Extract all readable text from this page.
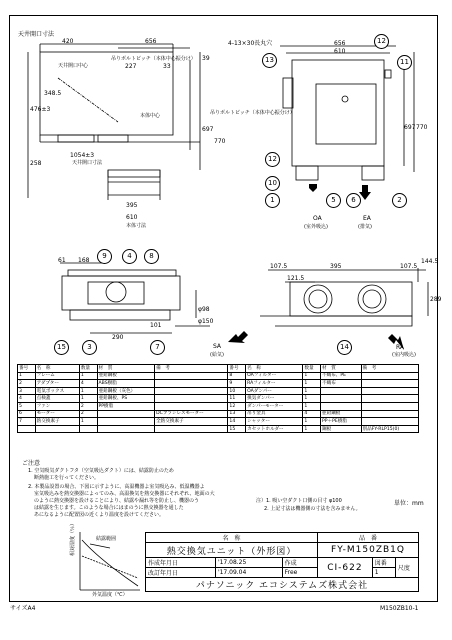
12
13	11
12
10
1	5	6	2
9	4	8
15	3	7	14
天井開口寸法
420	656
吊りボルトピッチ（本体中心振分け）
227	33
天井開口中心
本体中心
348.5
476±3
258
697
1054±3
天井開口寸法
395
610
本体寸法
39
吊りボルトピッチ（本体中心振分け）
770
4-13×30長丸穴	656
610
697 770
OA
(室外吸込)
EA
(排気)
61 168
101
290
107.5	395	107.5
121.5
144.5
289
φ150
φ98
SA
(給気)
RA
(室内吸込)
番号	名　称	数量	材　質	備　考	番号	名　称	数量	材　質	備　考
1	フレーム	1	亜鉛鋼板		8	OAフィルター	1	不織布、PE	
2	アダプター	4	ABS樹脂		9	RAフィルター	1	不織布	
3	電気ボックス	1	亜鉛鋼板（灰色）		10	OAダンパー	1		
4	点検蓋	1	亜鉛鋼板、PS		11	換気ダンパー	1		
5	ファン	2	PP樹脂		12	ダンパーモーター	1		
6	モーター	2		DCブラシレスモーター	13	吊り金具	4	亜鉛鋼板	
7	熱交換素子	1		全熱交換素子	14	シャッター	1	PP＋PE樹脂	
					15	カセットホルダー	1	鋼板	別品FY-RLP15(0)
ご注意
1. 空気吸気ダクトフタ（空気吸込ダクト）には、結露防止のため
断熱施工を行ってください。
2. 本製品設置の場合、下図に示すように、高温機器よ室気吸込み、低温機器よ
室気吸込みを熱交換器によってのみ、高温換気を熱交換器にそれぞれ、地面の大
のように熱交換器を設けることにより、結露や漏れ等を防止し、機器のう
は結露を生じます。このような場合にはまのうに熱交換器を通した
あになるように配置図の近くより温度を設けてください。
外気温度（℃）
相対湿度（％）	結露範囲
注）1. 吸い空ダクト口側の目寸 φ100
2. 上記寸法は機器側の寸法を含みません。
単位：mm
名　称			品　番		
熱交換気ユニット（外形図）			FY-M150ZB1Q		
作成年月日	'17.08.25	作成	CI-622	図番	尺度
改訂年月日	'17.09.04	Free		1	
パナソニック エコシステムズ株式会社					
サイズA4	M150ZB10-1
